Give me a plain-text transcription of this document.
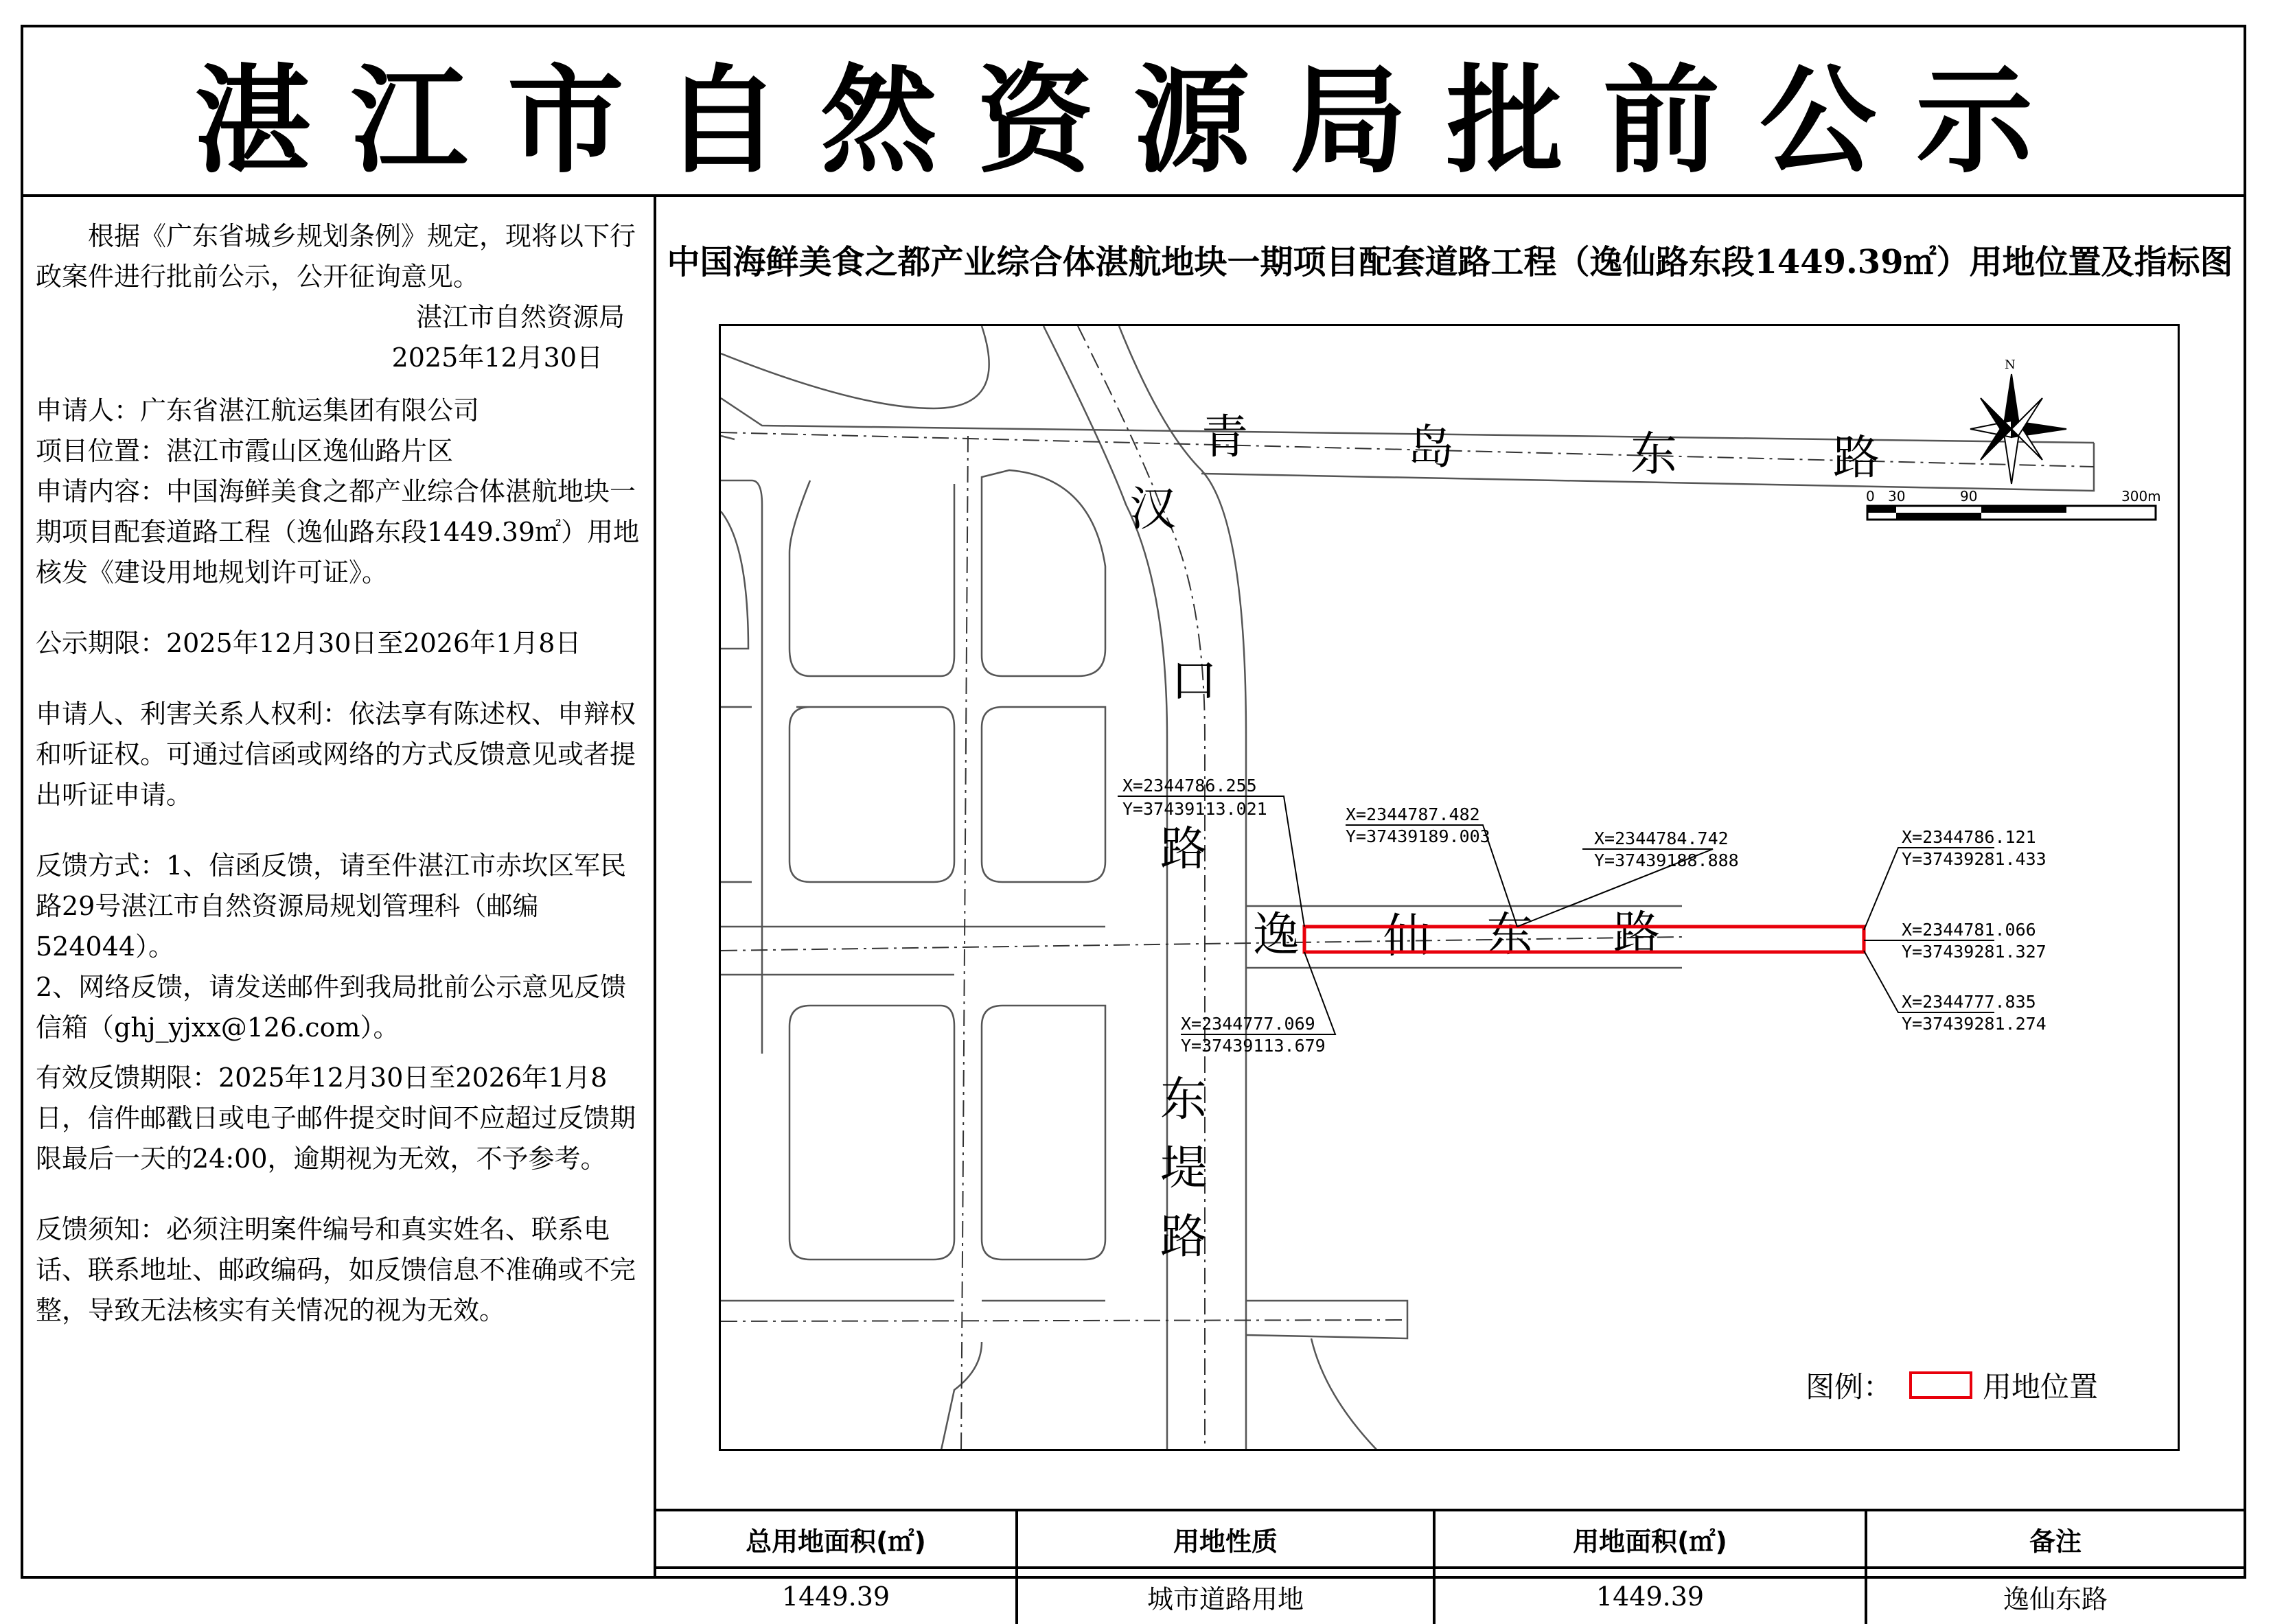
湛江市自然资源局批前公示

根据《广东省城乡规划条例》规定，现将以下行政案件进行批前公示，公开征询意见。

湛江市自然资源局

2025年12月30日

申请人：广东省湛江航运集团有限公司

项目位置：湛江市霞山区逸仙路片区

申请内容：中国海鲜美食之都产业综合体湛航地块一期项目配套道路工程（逸仙路东段1449.39㎡）用地核发《建设用地规划许可证》。

公示期限：2025年12月30日至2026年1月8日

申请人、利害关系人权利：依法享有陈述权、申辩权和听证权。可通过信函或网络的方式反馈意见或者提出听证申请。

反馈方式：1、信函反馈，请至件湛江市赤坎区军民路29号湛江市自然资源局规划管理科（邮编524044）。

2、网络反馈，请发送邮件到我局批前公示意见反馈信箱（ghj_yjxx@126.com）。

有效反馈期限：2025年12月30日至2026年1月8日，信件邮戳日或电子邮件提交时间不应超过反馈期限最后一天的24:00，逾期视为无效，不予参考。

反馈须知：必须注明案件编号和真实姓名、联系电话、联系地址、邮政编码，如反馈信息不准确或不完整，导致无法核实有关情况的视为无效。

中国海鲜美食之都产业综合体湛航地块一期项目配套道路工程（逸仙路东段1449.39㎡）用地位置及指标图
青	岛	东	路
汉
口
路
东
堤
路
逸 仙 东 路
X=2344786.255
Y=37439113.021	X=2344787.482
Y=37439189.003	X=2344784.742
Y=37439188.888
X=2344786.121
Y=37439281.433
X=2344781.066
Y=37439281.327
X=2344777.835
Y=37439281.274
X=2344777.069
Y=37439113.679
N
0 30	90	300m
图例：	用地位置
总用地面积(㎡)	用地性质	用地面积(㎡)	备注
1449.39	城市道路用地	1449.39	逸仙东路
